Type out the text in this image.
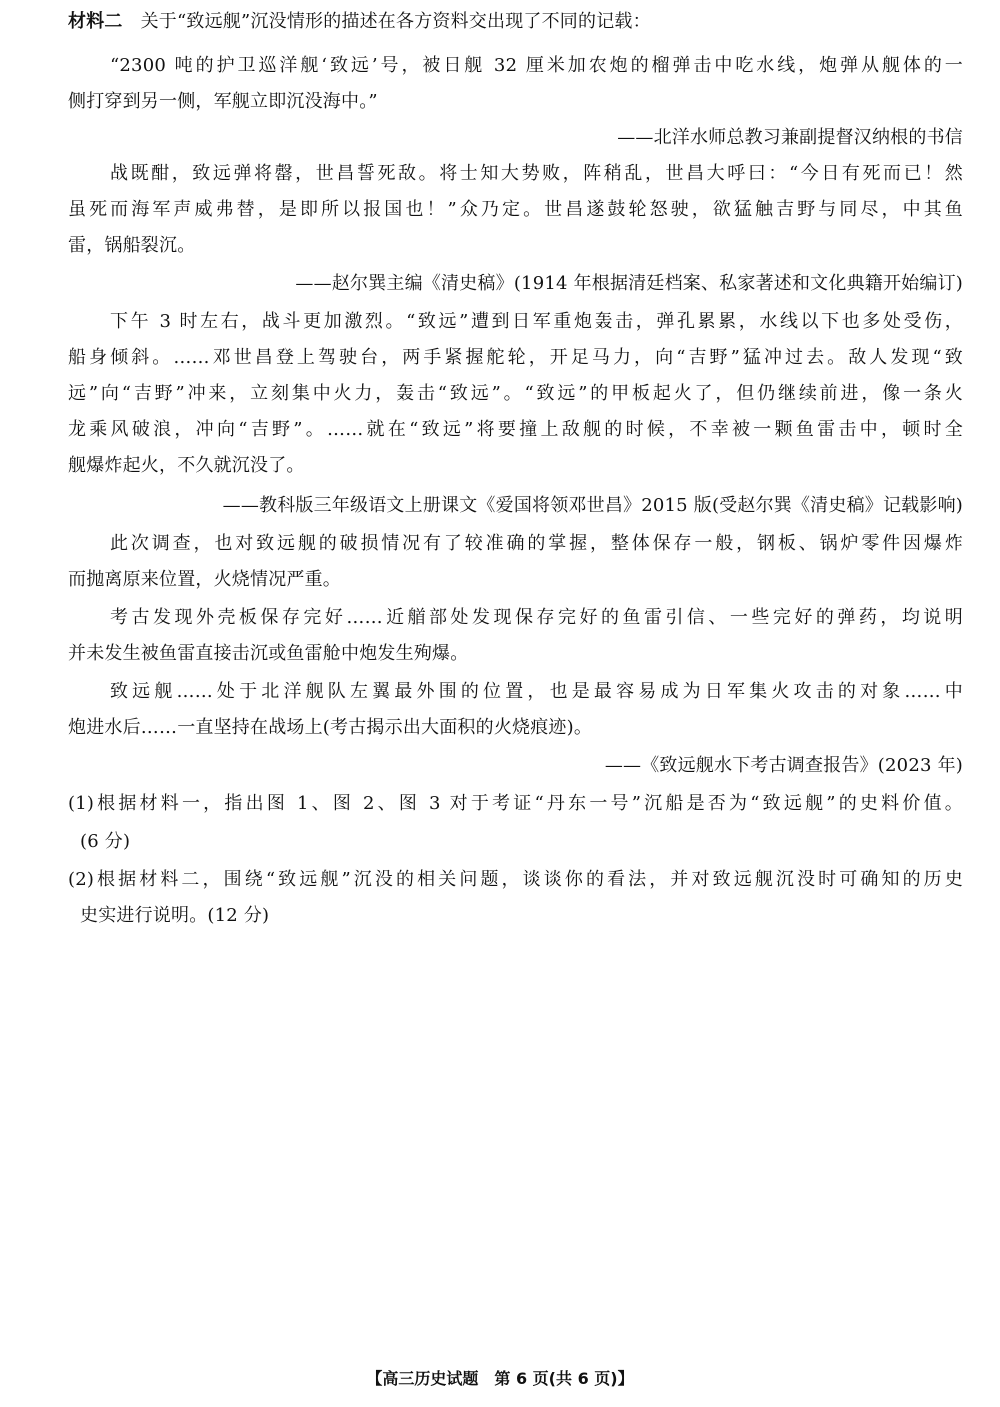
材料二 关于“致远舰”沉没情形的描述在各方资料交出现了不同的记载：
“2300 吨的护卫巡洋舰‘致远’号，被日舰 32 厘米加农炮的榴弹击中吃水线，炮弹从舰体的一
侧打穿到另一侧，军舰立即沉没海中。”
——北洋水师总教习兼副提督汉纳根的书信
战既酣，致远弹将罄，世昌誓死敌。将士知大势败，阵稍乱，世昌大呼曰：“今日有死而已！然
虽死而海军声威弗替，是即所以报国也！”众乃定。世昌遂鼓轮怒驶，欲猛触吉野与同尽，中其鱼
雷，锅船裂沉。
——赵尔巽主编《清史稿》(1914 年根据清廷档案、私家著述和文化典籍开始编订)
下午 3 时左右，战斗更加激烈。“致远”遭到日军重炮轰击，弹孔累累，水线以下也多处受伤，
船身倾斜。……邓世昌登上驾驶台，两手紧握舵轮，开足马力，向“吉野”猛冲过去。敌人发现“致
远”向“吉野”冲来，立刻集中火力，轰击“致远”。“致远”的甲板起火了，但仍继续前进，像一条火
龙乘风破浪，冲向“吉野”。……就在“致远”将要撞上敌舰的时候，不幸被一颗鱼雷击中，顿时全
舰爆炸起火，不久就沉没了。
——教科版三年级语文上册课文《爱国将领邓世昌》2015 版(受赵尔巽《清史稿》记载影响)
此次调查，也对致远舰的破损情况有了较准确的掌握，整体保存一般，钢板、锅炉零件因爆炸
而抛离原来位置，火烧情况严重。
考古发现外壳板保存完好……近艏部处发现保存完好的鱼雷引信、一些完好的弹药，均说明
并未发生被鱼雷直接击沉或鱼雷舱中炮发生殉爆。
致远舰……处于北洋舰队左翼最外围的位置，也是最容易成为日军集火攻击的对象……中
炮进水后……一直坚持在战场上(考古揭示出大面积的火烧痕迹)。
——《致远舰水下考古调查报告》(2023 年)
(1)根据材料一，指出图 1、图 2、图 3 对于考证“丹东一号”沉船是否为“致远舰”的史料价值。
(6 分)
(2)根据材料二，围绕“致远舰”沉没的相关问题，谈谈你的看法，并对致远舰沉没时可确知的历史
史实进行说明。(12 分)
【高三历史试题　第 6 页(共 6 页)】
